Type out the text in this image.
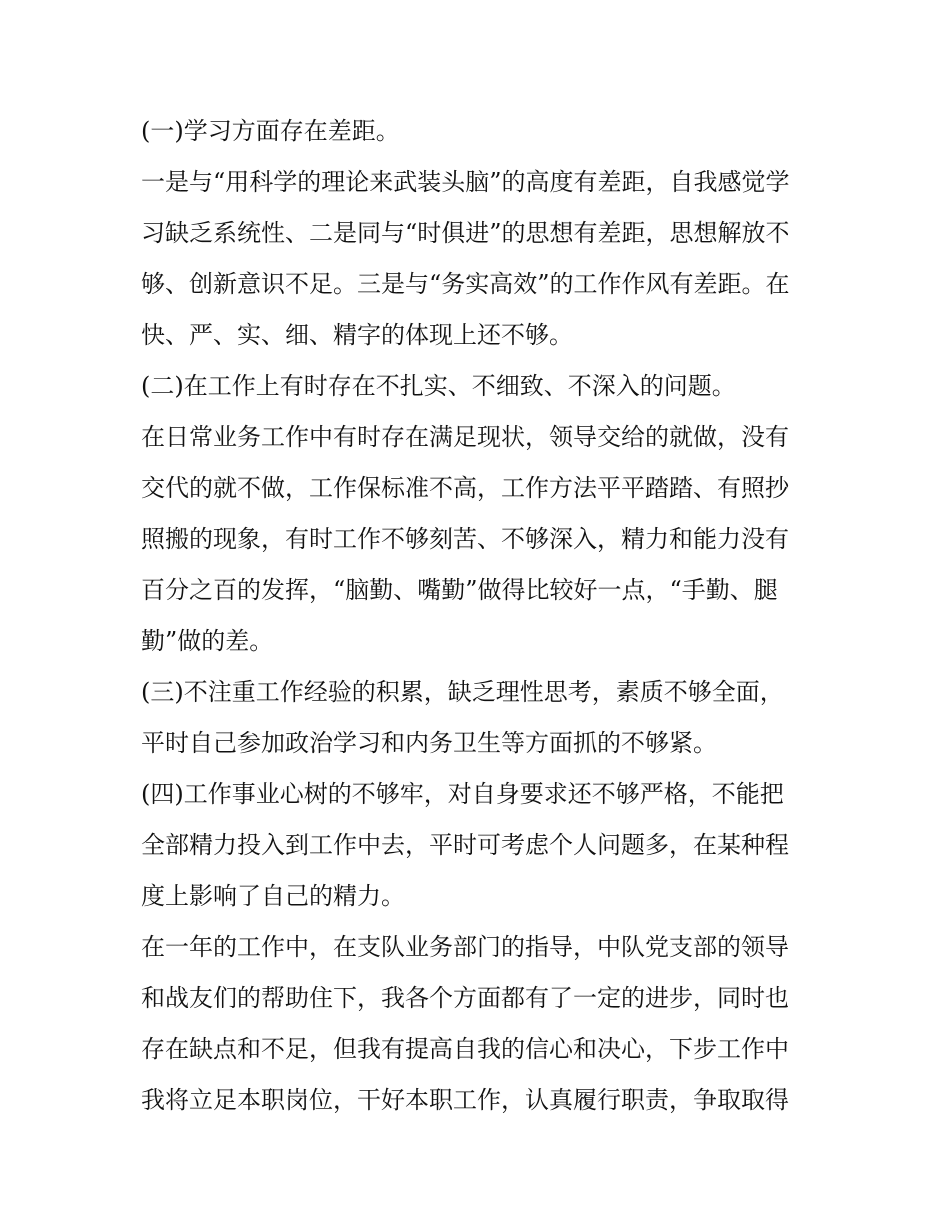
(一)学习方面存在差距。

一是与“用科学的理论来武装头脑”的高度有差距，自我感觉学
习缺乏系统性、二是同与“时俱进”的思想有差距，思想解放不
够、创新意识不足。三是与“务实高效”的工作作风有差距。在
快、严、实、细、精字的体现上还不够。

(二)在工作上有时存在不扎实、不细致、不深入的问题。

在日常业务工作中有时存在满足现状，领导交给的就做，没有
交代的就不做，工作保标准不高，工作方法平平踏踏、有照抄
照搬的现象，有时工作不够刻苦、不够深入，精力和能力没有
百分之百的发挥，“脑勤、嘴勤”做得比较好一点，“手勤、腿
勤”做的差。

(三)不注重工作经验的积累，缺乏理性思考，素质不够全面，
平时自己参加政治学习和内务卫生等方面抓的不够紧。

(四)工作事业心树的不够牢，对自身要求还不够严格，不能把
全部精力投入到工作中去，平时可考虑个人问题多，在某种程
度上影响了自己的精力。

在一年的工作中，在支队业务部门的指导，中队党支部的领导
和战友们的帮助住下，我各个方面都有了一定的进步，同时也
存在缺点和不足，但我有提高自我的信心和决心，下步工作中
我将立足本职岗位，干好本职工作，认真履行职责，争取取得
